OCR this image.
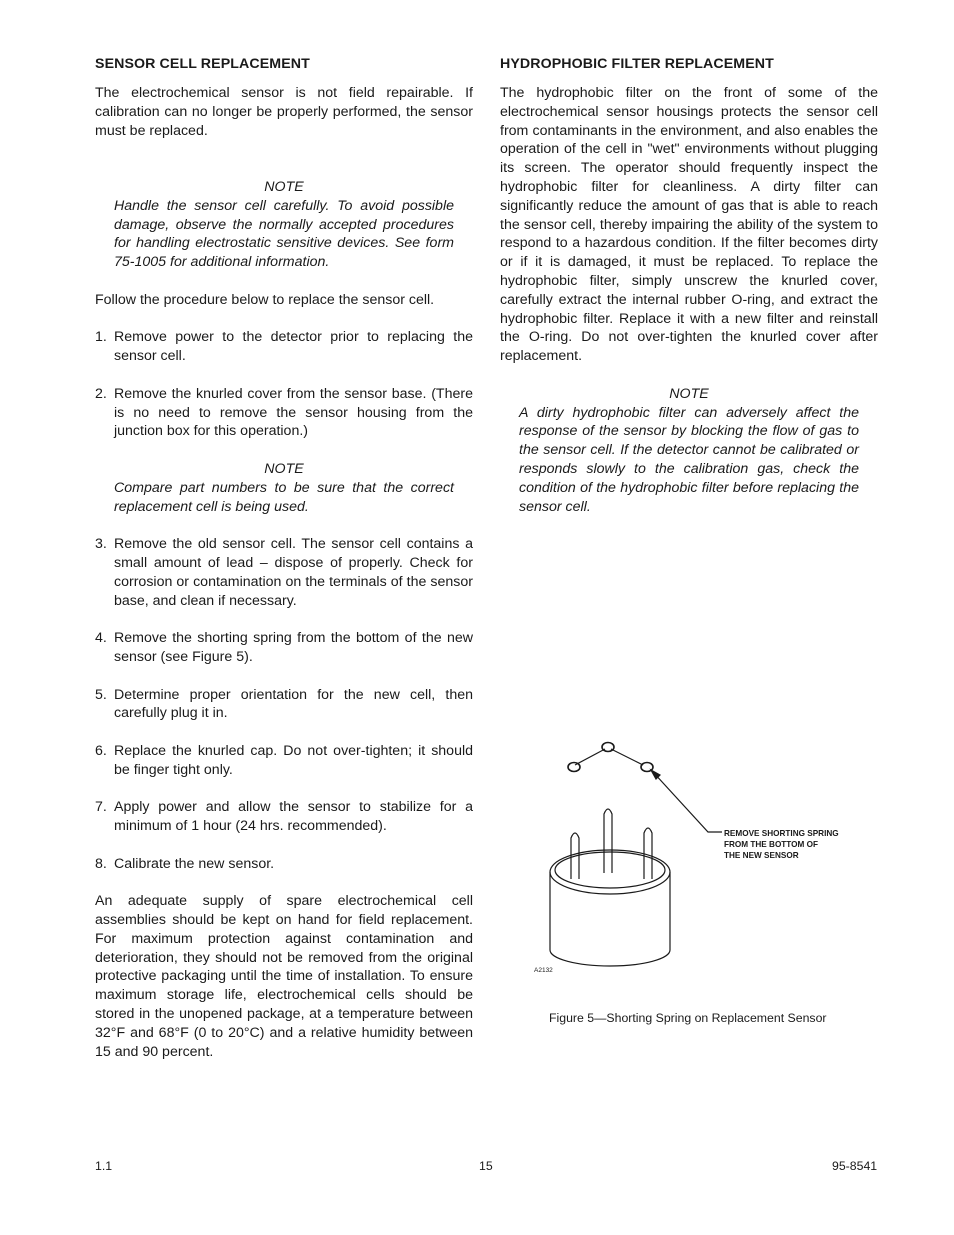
SENSOR CELL REPLACEMENT

The electrochemical sensor is not field repairable. If calibration can no longer be properly performed, the sensor must be replaced.

NOTE
Handle the sensor cell carefully. To avoid possible damage, observe the normally accepted procedures for handling electrostatic sensitive devices. See form 75-1005 for additional information.

Follow the procedure below to replace the sensor cell.

1. Remove power to the detector prior to replacing the sensor cell.
2. Remove the knurled cover from the sensor base. (There is no need to remove the sensor housing from the junction box for this operation.)
NOTE
Compare part numbers to be sure that the correct replacement cell is being used.
3. Remove the old sensor cell. The sensor cell contains a small amount of lead – dispose of properly. Check for corrosion or contamination on the terminals of the sensor base, and clean if necessary.
4. Remove the shorting spring from the bottom of the new sensor (see Figure 5).
5. Determine proper orientation for the new cell, then carefully plug it in.
6. Replace the knurled cap. Do not over-tighten; it should be finger tight only.
7. Apply power and allow the sensor to stabilize for a minimum of 1 hour (24 hrs. recommended).
8. Calibrate the new sensor.

An adequate supply of spare electrochemical cell assemblies should be kept on hand for field replacement. For maximum protection against contamination and deterioration, they should not be removed from the original protective packaging until the time of installation. To ensure maximum storage life, electrochemical cells should be stored in the unopened package, at a temperature between 32°F and 68°F (0 to 20°C) and a relative humidity between 15 and 90 percent.

HYDROPHOBIC FILTER REPLACEMENT

The hydrophobic filter on the front of some of the electrochemical sensor housings protects the sensor cell from contaminants in the environment, and also enables the operation of the cell in "wet" environments without plugging its screen. The operator should frequently inspect the hydrophobic filter for cleanliness. A dirty filter can significantly reduce the amount of gas that is able to reach the sensor cell, thereby impairing the ability of the system to respond to a hazardous condition. If the filter becomes dirty or if it is damaged, it must be replaced. To replace the hydrophobic filter, simply unscrew the knurled cover, carefully extract the internal rubber O-ring, and extract the hydrophobic filter. Replace it with a new filter and reinstall the O-ring. Do not over-tighten the knurled cover after replacement.

NOTE
A dirty hydrophobic filter can adversely affect the response of the sensor by blocking the flow of gas to the sensor cell. If the detector cannot be calibrated or responds slowly to the calibration gas, check the condition of the hydrophobic filter before replacing the sensor cell.
REMOVE SHORTING SPRING
FROM THE BOTTOM OF
THE NEW SENSOR
A2132
Figure 5—Shorting Spring on Replacement Sensor
1.1	15	95-8541
